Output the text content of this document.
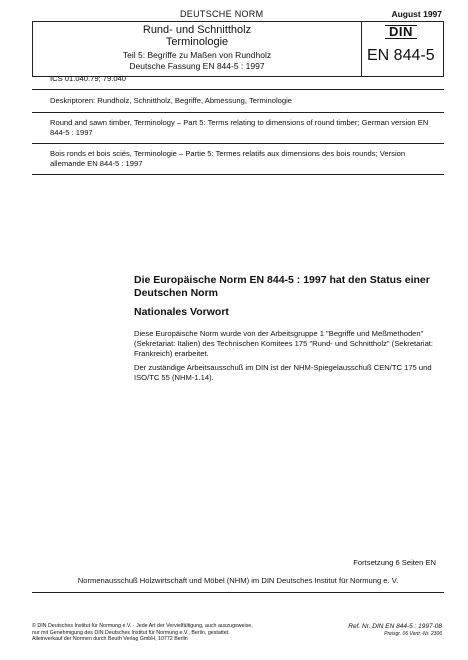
DEUTSCHE NORM	August 1997
Rund- und Schnittholz
Terminologie
Teil 5: Begriffe zu Maßen von Rundholz
Deutsche Fassung EN 844-5 : 1997
DIN
EN 844-5
ICS 01.040.79; 79.040
Deskriptoren: Rundholz, Schnittholz, Begriffe, Abmessung, Terminologie
Round and sawn timber, Terminology – Part 5: Terms relating to dimensions of round timber; German version EN 844-5 : 1997
Bois ronds et bois sciés, Terminologie – Partie 5: Termes relatifs aux dimensions des bois rounds; Version allemande EN 844-5 : 1997
Die Europäische Norm EN 844-5 : 1997 hat den Status einer Deutschen Norm
Nationales Vorwort
Diese Europäische Norm wurde von der Arbeitsgruppe 1 "Begriffe und Meßmethoden" (Sekretariat: Italien) des Technischen Komitees 175 "Rund- und Schnittholz" (Sekretariat: Frankreich) erarbeitet.
Der zuständige Arbeitsausschuß im DIN ist der NHM-Spiegelausschuß CEN/TC 175 und ISO/TC 55 (NHM-1.14).
Fortsetzung 6 Seiten EN
Normenausschuß Holzwirtschaft und Möbel (NHM) im DIN Deutsches Institut für Normung e. V.
© DIN Deutsches Institut für Normung e.V. · Jede Art der Vervielfältigung, auch auszugsweise,
nur mit Genehmigung des DIN Deutsches Institut für Normung e.V., Berlin, gestattet.
Alleinverkauf der Normen durch Beuth Verlag GmbH, 10772 Berlin
Ref. Nr. DIN EN 844-5 : 1997-08
Preisgr. 06 Vertr.-Nr. 2306
